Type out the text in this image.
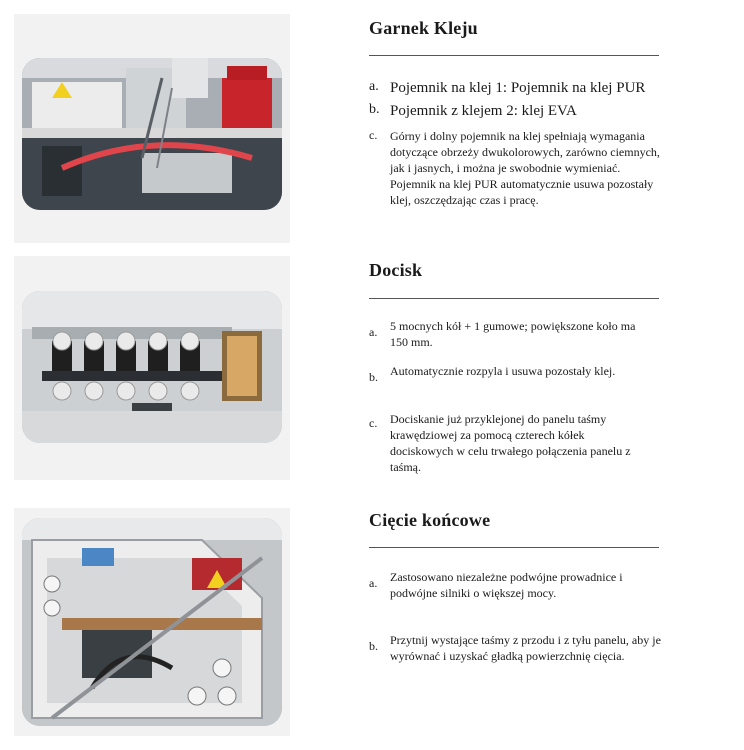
Garnek Kleju
a. Pojemnik na klej 1: Pojemnik na klej PUR
b. Pojemnik z klejem 2: klej EVA
c.	Górny i dolny pojemnik na klej spełniają wymagania dotyczące obrzeży dwukolorowych, zarówno ciemnych, jak i jasnych, i można je swobodnie wymieniać. Pojemnik na klej PUR automatycznie usuwa pozostały klej, oszczędzając czas i pracę.
Docisk
a.	5 mocnych kół + 1 gumowe; powiększone koło ma 150 mm.
b.	Automatycznie rozpyla i usuwa pozostały klej.
c.	Dociskanie już przyklejonej do panelu taśmy krawędziowej za pomocą czterech kółek dociskowych w celu trwałego połączenia panelu z taśmą.
Cięcie końcowe
a.	Zastosowano niezależne podwójne prowadnice i podwójne silniki o większej mocy.
b.	Przytnij wystające taśmy z przodu i z tyłu panelu, aby je wyrównać i uzyskać gładką powierzchnię cięcia.
